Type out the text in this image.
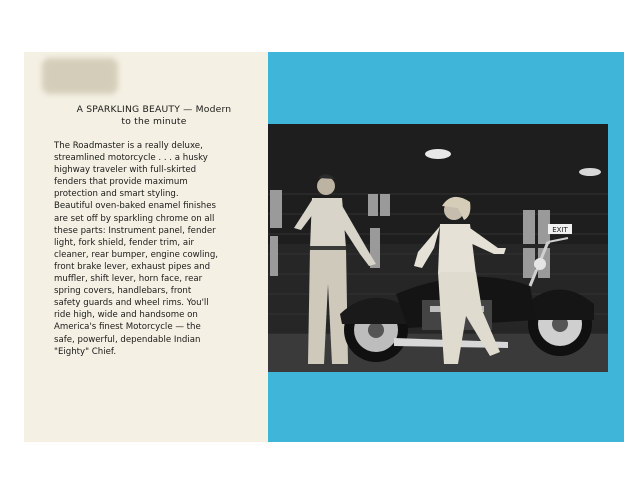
A SPARKLING BEAUTY — Modern
to the minute

The Roadmaster is a really deluxe,

streamlined motorcycle . . . a husky

highway traveler with full-skirted

fenders that provide maximum

protection and smart styling.

Beautiful oven-baked enamel finishes

are set off by sparkling chrome on all

these parts: Instrument panel, fender

light, fork shield, fender trim, air

cleaner, rear bumper, engine cowling,

front brake lever, exhaust pipes and

muffler, shift lever, horn face, rear

spring covers, handlebars, front

safety guards and wheel rims. You'll

ride high, wide and handsome on

America's finest Motorcycle — the

safe, powerful, dependable Indian

"Eighty" Chief.

EXIT
